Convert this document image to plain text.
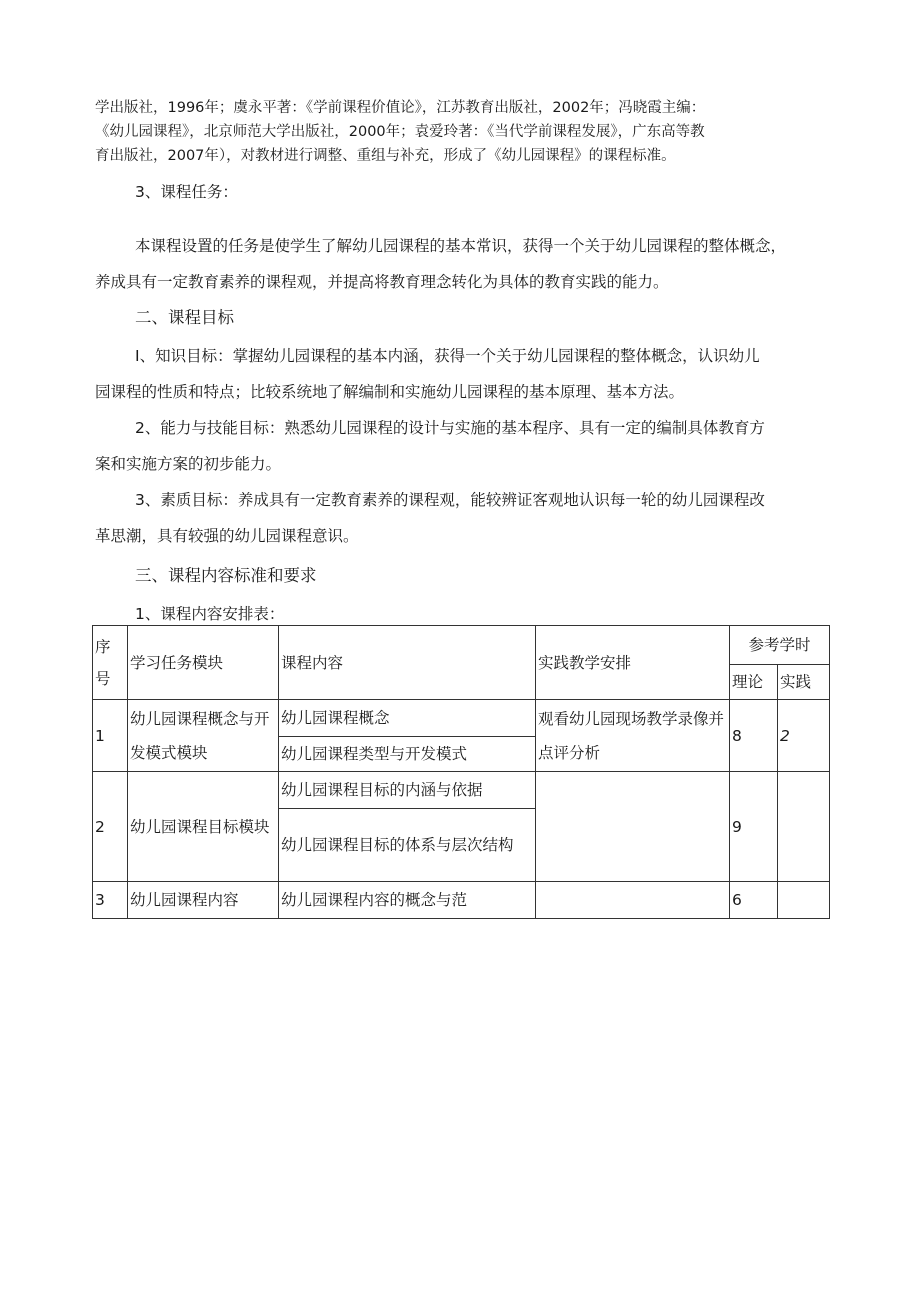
学出版社，1996年；虞永平著：《学前课程价值论》，江苏教育出版社，2002年；冯晓霞主编：
《幼儿园课程》，北京师范大学出版社，2000年；袁爱玲著：《当代学前课程发展》，广东高等教
育出版社，2007年），对教材进行调整、重组与补充，形成了《幼儿园课程》的课程标准。
3、课程任务：
本课程设置的任务是使学生了解幼儿园课程的基本常识，获得一个关于幼儿园课程的整体概念，
养成具有一定教育素养的课程观，并提高将教育理念转化为具体的教育实践的能力。
二、课程目标
I、知识目标：掌握幼儿园课程的基本内涵，获得一个关于幼儿园课程的整体概念，认识幼儿
园课程的性质和特点；比较系统地了解编制和实施幼儿园课程的基本原理、基本方法。
2、能力与技能目标：熟悉幼儿园课程的设计与实施的基本程序、具有一定的编制具体教育方
案和实施方案的初步能力。
3、素质目标：养成具有一定教育素养的课程观，能较辨证客观地认识每一轮的幼儿园课程改
革思潮，具有较强的幼儿园课程意识。
三、课程内容标准和要求
1、课程内容安排表：
序号	学习任务模块	课程内容	实践教学安排	参考学时	
				理论	实践
1	幼儿园课程概念与开发模式模块	幼儿园课程概念	观看幼儿园现场教学录像并点评分析	8	2
		幼儿园课程类型与开发模式			
2	幼儿园课程目标模块	幼儿园课程目标的内涵与依据		9	
		幼儿园课程目标的体系与层次结构			
3	幼儿园课程内容	幼儿园课程内容的概念与范		6	
